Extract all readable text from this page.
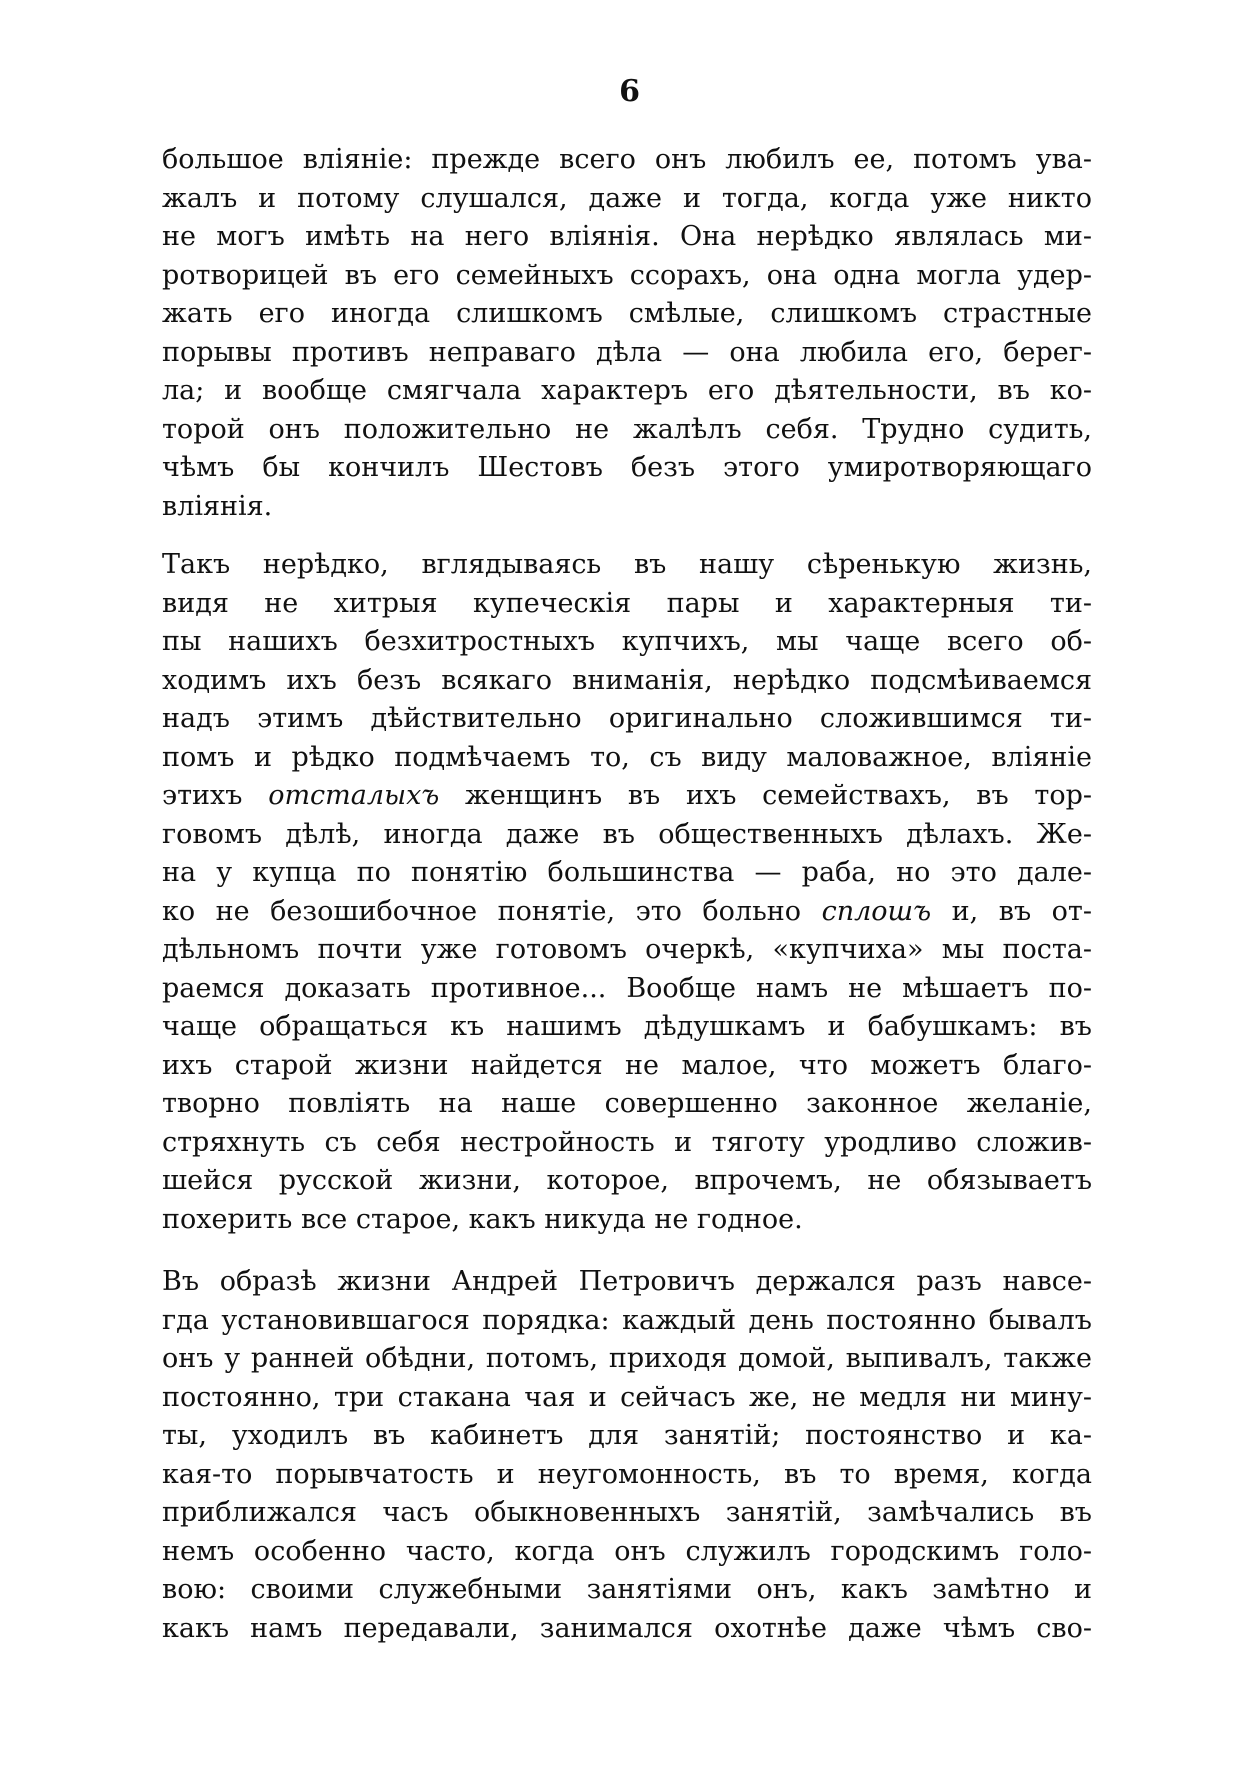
6
большое влiянiе: прежде всего онъ любилъ ее, потомъ ува-
жалъ и потому слушался, даже и тогда, когда уже никто
не могъ имѣть на него влiянiя. Она нерѣдко являлась ми-
ротворицей въ его семейныхъ ссорахъ, она одна могла удер-
жать его иногда слишкомъ смѣлые, слишкомъ страстные
порывы противъ неправаго дѣла — она любила его, берег-
ла; и вообще смягчала характеръ его дѣятельности, въ ко-
торой онъ положительно не жалѣлъ себя. Трудно судить,
чѣмъ бы кончилъ Шестовъ безъ этого умиротворяющаго
влiянiя.
Такъ нерѣдко, вглядываясь въ нашу сѣренькую жизнь,
видя не хитрыя купеческiя пары и характерныя ти-
пы нашихъ безхитростныхъ купчихъ, мы чаще всего об-
ходимъ ихъ безъ всякаго вниманiя, нерѣдко подсмѣиваемся
надъ этимъ дѣйствительно оригинально сложившимся ти-
помъ и рѣдко подмѣчаемъ то, съ виду маловажное, влiянiе
этихъ отсталыхъ женщинъ въ ихъ семействахъ, въ тор-
говомъ дѣлѣ, иногда даже въ общественныхъ дѣлахъ. Же-
на у купца по понятiю большинства — раба, но это дале-
ко не безошибочное понятiе, это больно сплошъ и, въ от-
дѣльномъ почти уже готовомъ очеркѣ, «купчиха» мы поста-
раемся доказать противное... Вообще намъ не мѣшаетъ по-
чаще обращаться къ нашимъ дѣдушкамъ и бабушкамъ: въ
ихъ старой жизни найдется не малое, что можетъ благо-
творно повлiять на наше совершенно законное желанiе,
стряхнуть съ себя нестройность и тяготу уродливо сложив-
шейся русской жизни, которое, впрочемъ, не обязываетъ
похерить все старое, какъ никуда не годное.
Въ образѣ жизни Андрей Петровичъ держался разъ навсе-
гда установившагося порядка: каждый день постоянно бывалъ
онъ у ранней обѣдни, потомъ, приходя домой, выпивалъ, также
постоянно, три стакана чая и сейчасъ же, не медля ни мину-
ты, уходилъ въ кабинетъ для занятiй; постоянство и ка-
кая-то порывчатость и неугомонность, въ то время, когда
приближался часъ обыкновенныхъ занятiй, замѣчались въ
немъ особенно часто, когда онъ служилъ городскимъ голо-
вою: своими служебными занятiями онъ, какъ замѣтно и
какъ намъ передавали, занимался охотнѣе даже чѣмъ сво-
